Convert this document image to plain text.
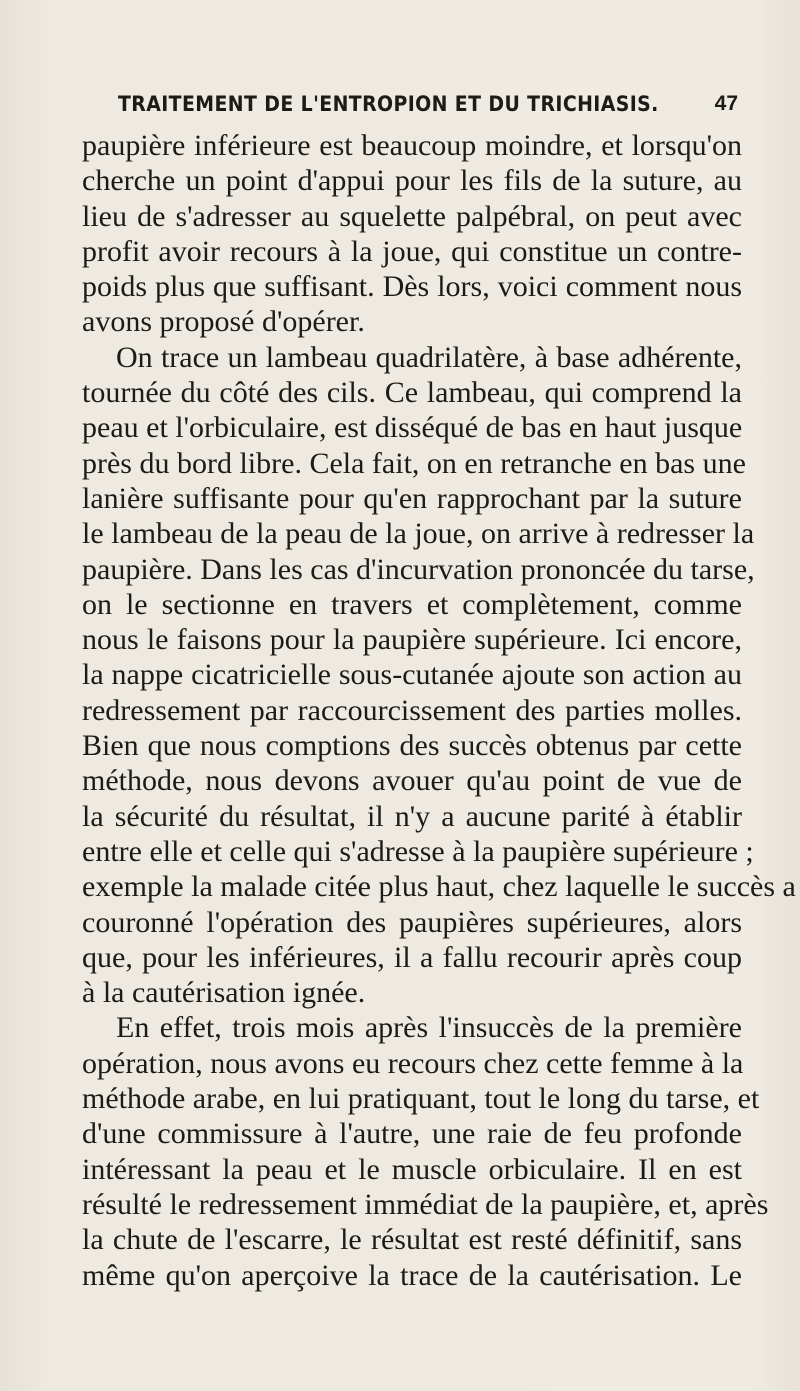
TRAITEMENT DE L'ENTROPION ET DU TRICHIASIS.	47
paupière inférieure est beaucoup moindre, et lorsqu'on
cherche un point d'appui pour les fils de la suture, au
lieu de s'adresser au squelette palpébral, on peut avec
profit avoir recours à la joue, qui constitue un contre-
poids plus que suffisant. Dès lors, voici comment nous
avons proposé d'opérer.
On trace un lambeau quadrilatère, à base adhérente,
tournée du côté des cils. Ce lambeau, qui comprend la
peau et l'orbiculaire, est disséqué de bas en haut jusque
près du bord libre. Cela fait, on en retranche en bas une
lanière suffisante pour qu'en rapprochant par la suture
le lambeau de la peau de la joue, on arrive à redresser la
paupière. Dans les cas d'incurvation prononcée du tarse,
on le sectionne en travers et complètement, comme
nous le faisons pour la paupière supérieure. Ici encore,
la nappe cicatricielle sous-cutanée ajoute son action au
redressement par raccourcissement des parties molles.
Bien que nous comptions des succès obtenus par cette
méthode, nous devons avouer qu'au point de vue de
la sécurité du résultat, il n'y a aucune parité à établir
entre elle et celle qui s'adresse à la paupière supérieure ;
exemple la malade citée plus haut, chez laquelle le succès a
couronné l'opération des paupières supérieures, alors
que, pour les inférieures, il a fallu recourir après coup
à la cautérisation ignée.
En effet, trois mois après l'insuccès de la première
opération, nous avons eu recours chez cette femme à la
méthode arabe, en lui pratiquant, tout le long du tarse, et
d'une commissure à l'autre, une raie de feu profonde
intéressant la peau et le muscle orbiculaire. Il en est
résulté le redressement immédiat de la paupière, et, après
la chute de l'escarre, le résultat est resté définitif, sans
même qu'on aperçoive la trace de la cautérisation. Le
